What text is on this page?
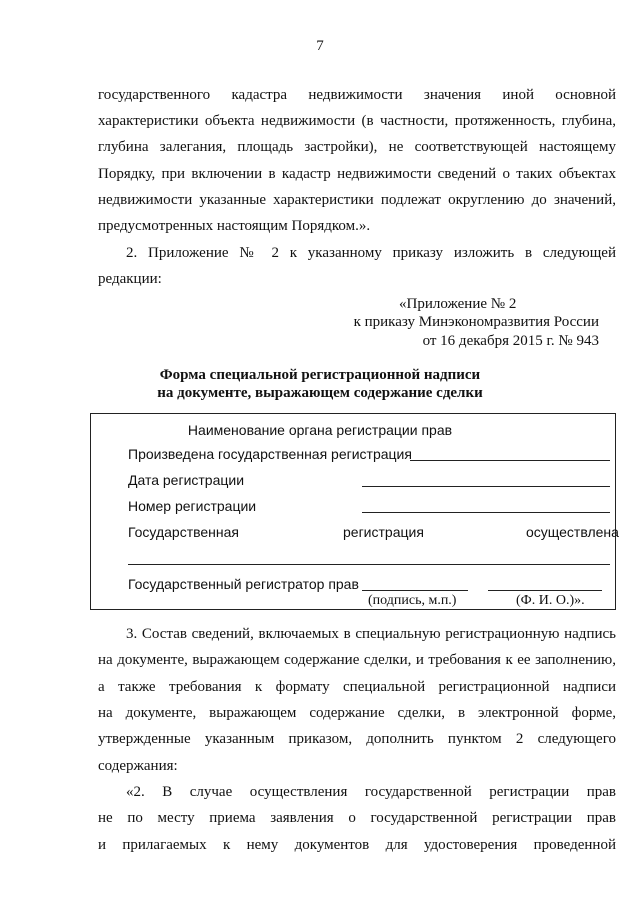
7
государственного кадастра недвижимости значения иной основной
характеристики объекта недвижимости (в частности, протяженность, глубина,
глубина залегания, площадь застройки), не соответствующей настоящему
Порядку, при включении в кадастр недвижимости сведений о таких объектах
недвижимости указанные характеристики подлежат округлению до значений,
предусмотренных настоящим Порядком.».
2. Приложение № 2 к указанному приказу изложить в следующей
редакции:
«Приложение № 2
к приказу Минэкономразвития России
от 16 декабря 2015 г. № 943
Форма специальной регистрационной надписи
на документе, выражающем содержание сделки
Наименование органа регистрации прав
Произведена государственная регистрация
Дата регистрации
Номер регистрации
Государственная	регистрация	осуществлена
Государственный регистратор прав
(подпись, м.п.)	(Ф. И. О.)».
3. Состав сведений, включаемых в специальную регистрационную надпись
на документе, выражающем содержание сделки, и требования к ее заполнению,
а также требования к формату специальной регистрационной надписи
на документе, выражающем содержание сделки, в электронной форме,
утвержденные указанным приказом, дополнить пунктом 2 следующего
содержания:
«2. В случае осуществления государственной регистрации прав
не по месту приема заявления о государственной регистрации прав
и прилагаемых к нему документов для удостоверения проведенной
